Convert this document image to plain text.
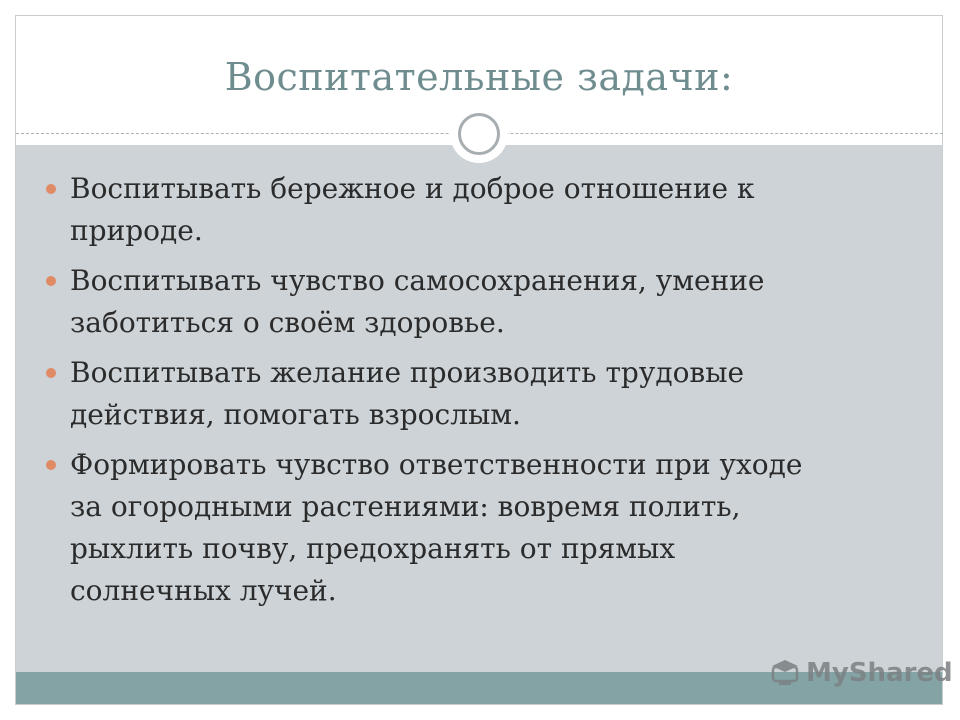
Воспитательные задачи:
Воспитывать бережное и доброе отношение к
природе.
Воспитывать чувство самосохранения, умение
заботиться о своём здоровье.
Воспитывать желание производить трудовые
действия, помогать взрослым.
Формировать чувство ответственности при уходе
за огородными растениями: вовремя полить,
рыхлить почву, предохранять от прямых
солнечных лучей.
MyShared
